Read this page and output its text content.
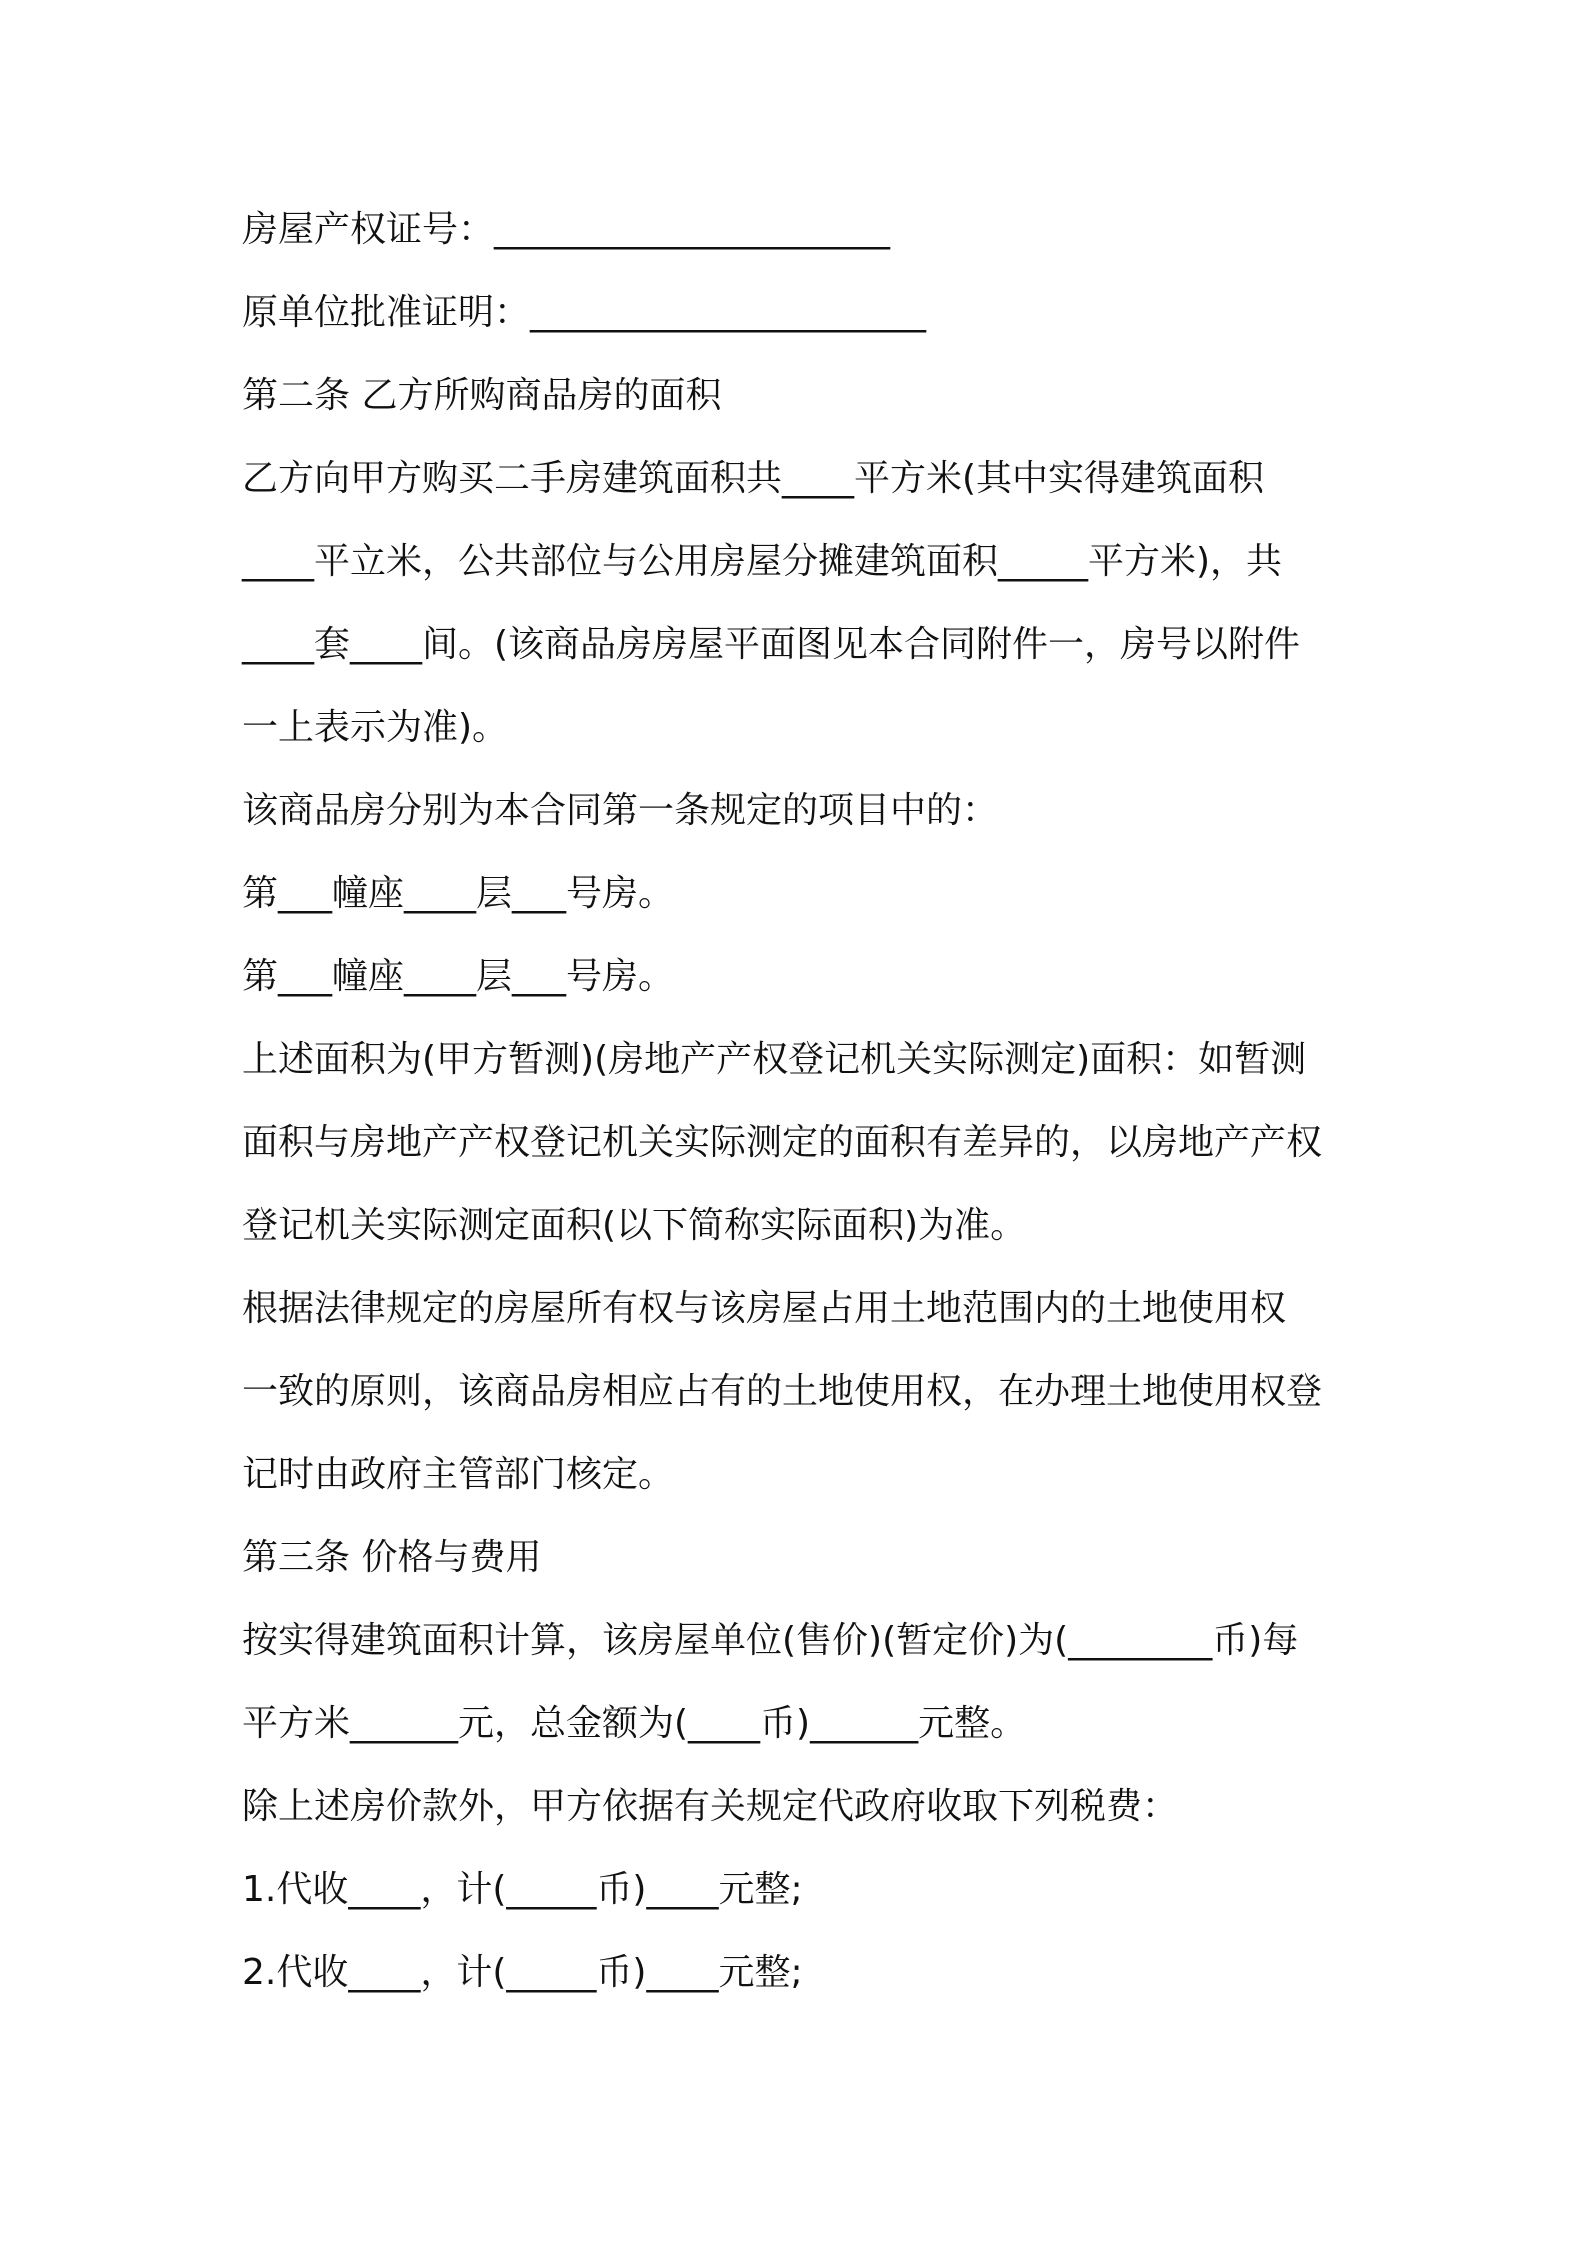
房屋产权证号：______________________
原单位批准证明：______________________
第二条 乙方所购商品房的面积
乙方向甲方购买二手房建筑面积共____平方米(其中实得建筑面积
____平立米，公共部位与公用房屋分摊建筑面积_____平方米)，共
____套____间。(该商品房房屋平面图见本合同附件一，房号以附件
一上表示为准)。
该商品房分别为本合同第一条规定的项目中的：
第___幢座____层___号房。
第___幢座____层___号房。
上述面积为(甲方暂测)(房地产产权登记机关实际测定)面积：如暂测
面积与房地产产权登记机关实际测定的面积有差异的，以房地产产权
登记机关实际测定面积(以下简称实际面积)为准。
根据法律规定的房屋所有权与该房屋占用土地范围内的土地使用权
一致的原则，该商品房相应占有的土地使用权，在办理土地使用权登
记时由政府主管部门核定。
第三条 价格与费用
按实得建筑面积计算，该房屋单位(售价)(暂定价)为(________币)每
平方米______元，总金额为(____币)______元整。
除上述房价款外，甲方依据有关规定代政府收取下列税费：
1.代收____，计(_____币)____元整;
2.代收____，计(_____币)____元整;
